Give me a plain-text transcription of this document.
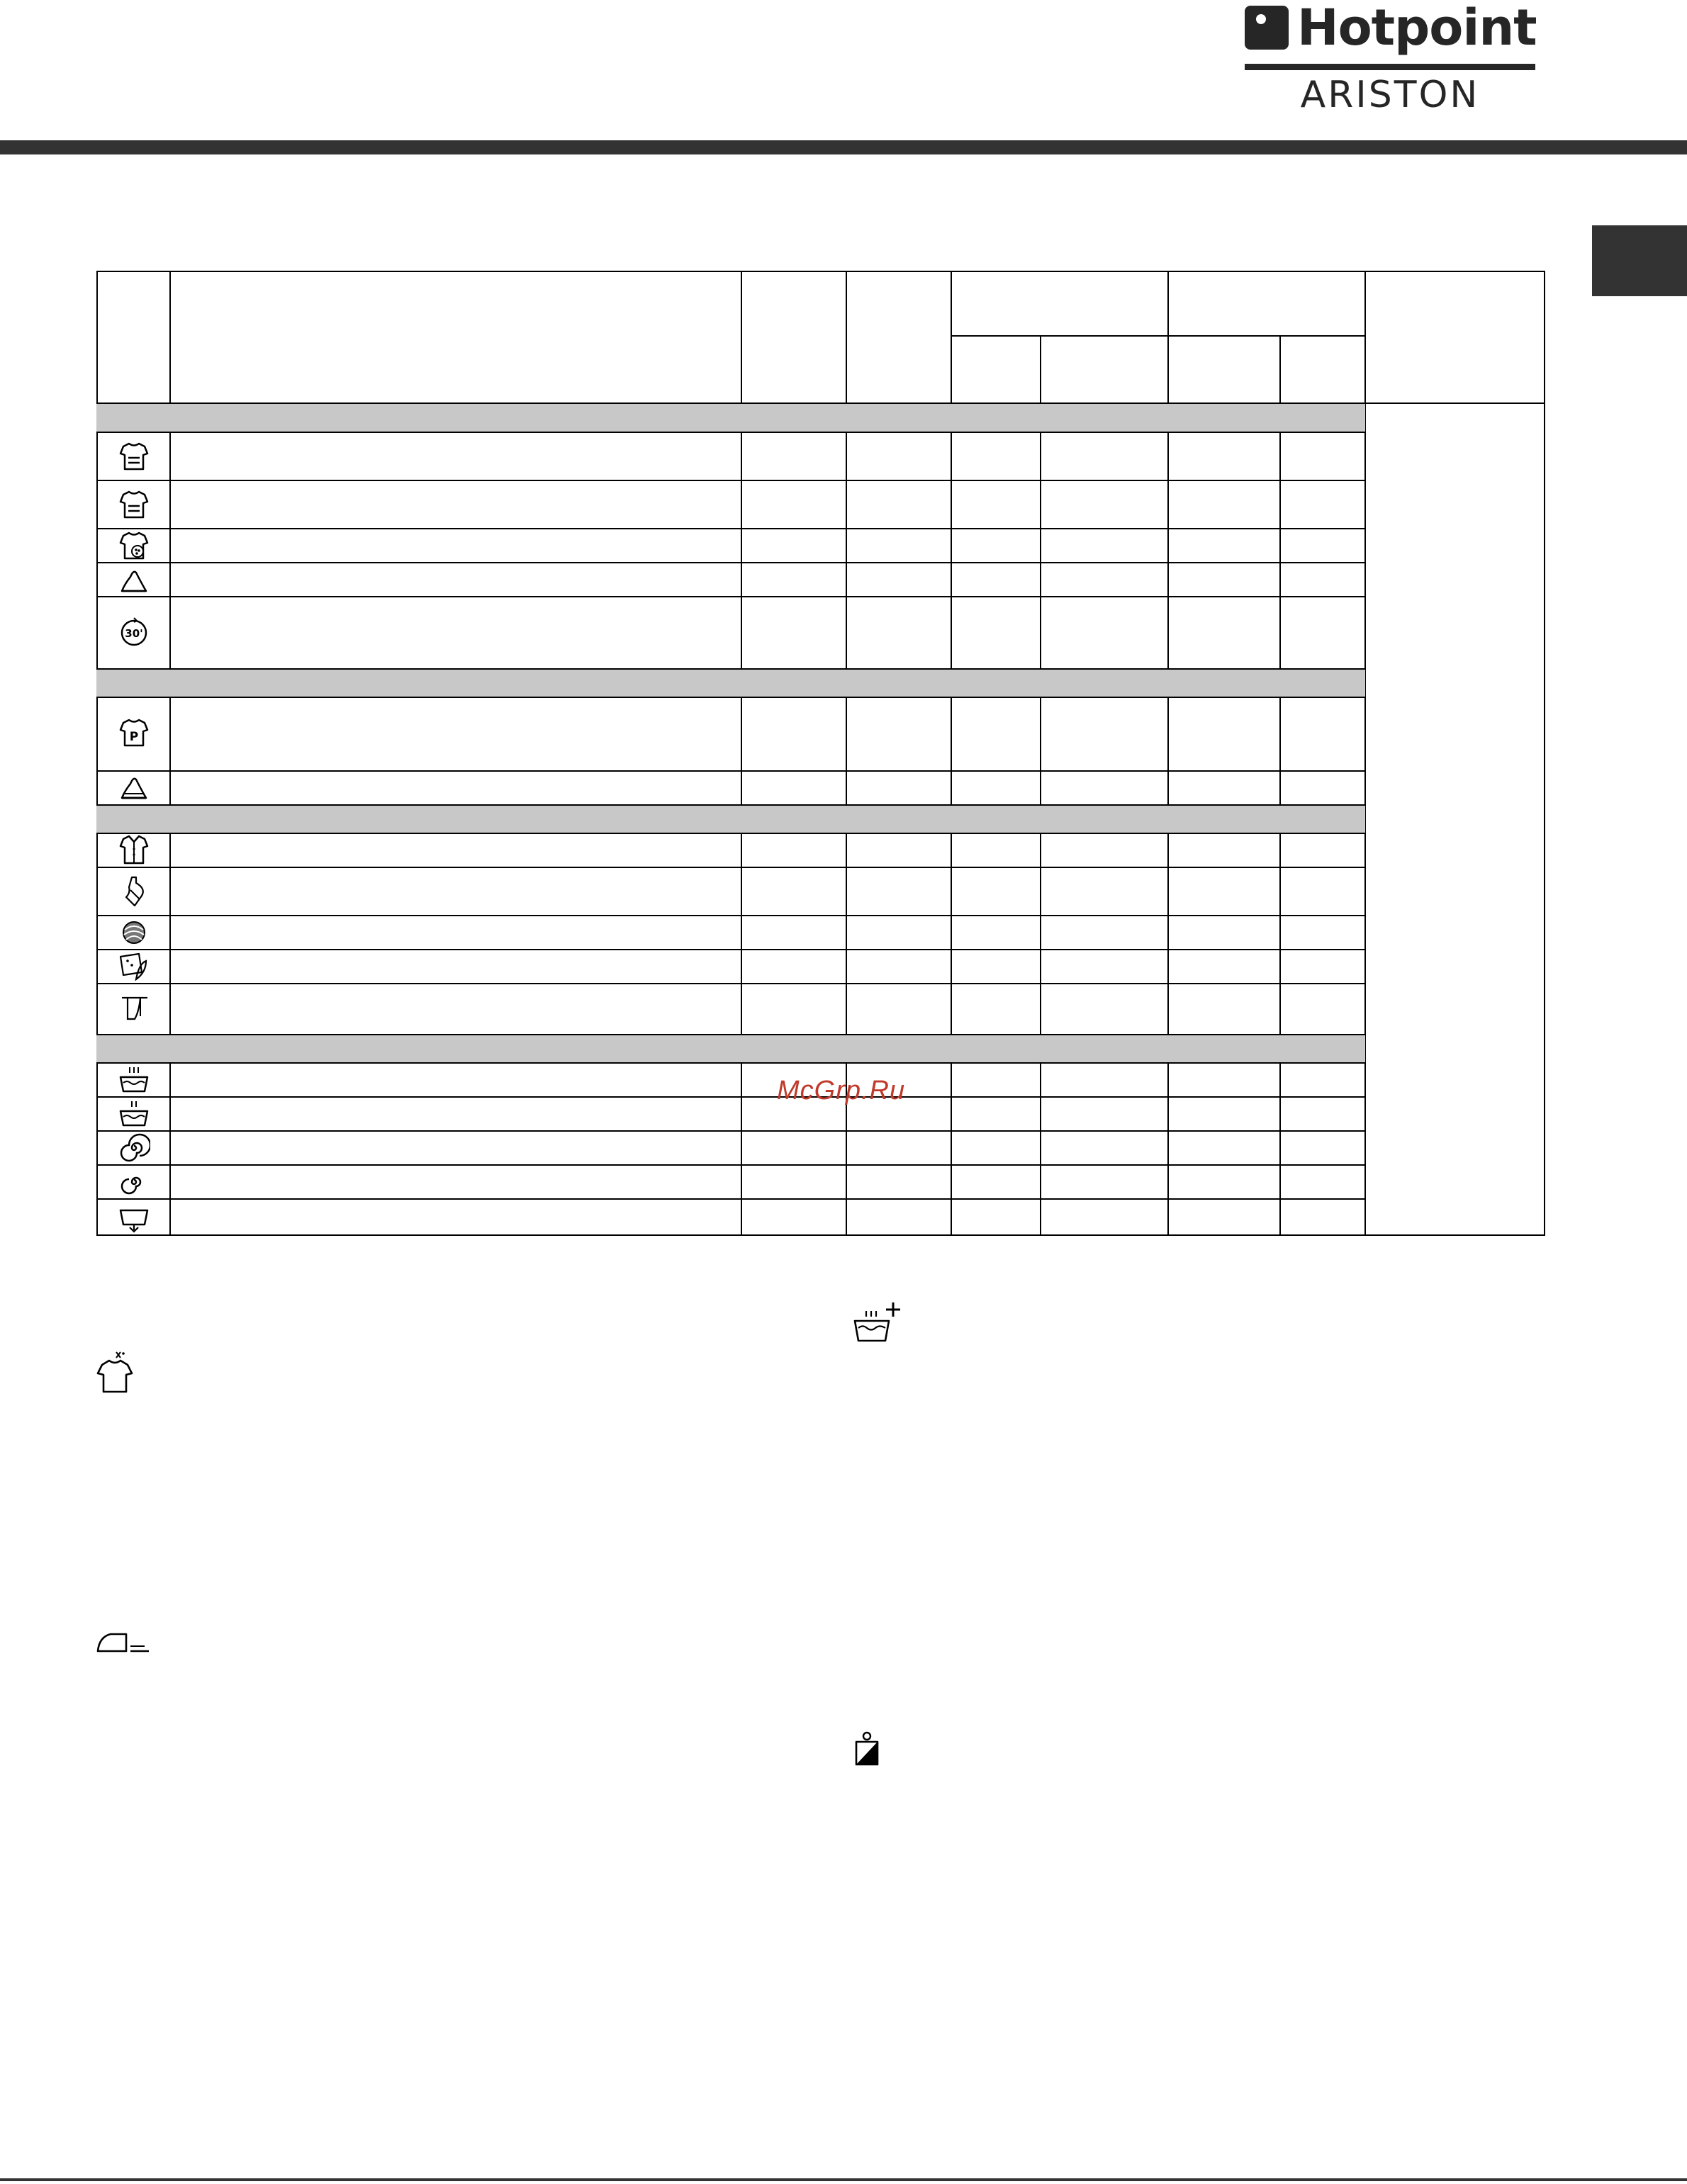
Hotpoint
ARISTON
30'
P
McGrp.Ru
